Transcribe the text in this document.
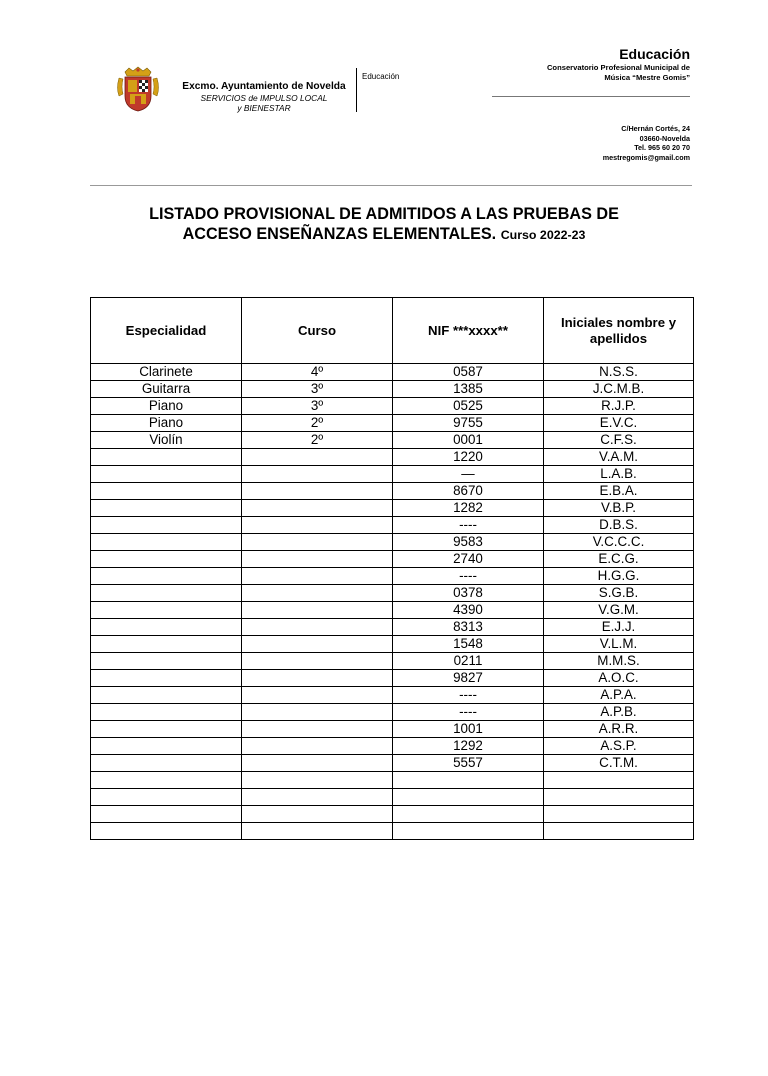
Excmo. Ayuntamiento de Novelda
SERVICIOS de IMPULSO LOCAL
y BIENESTAR
Educación
Educación
Conservatorio Profesional Municipal de
Música “Mestre Gomis”
C/Hernán Cortés, 24
03660-Novelda
Tel. 965 60 20 70
mestregomis@gmail.com
LISTADO PROVISIONAL DE ADMITIDOS A LAS PRUEBAS DE
ACCESO ENSEÑANZAS ELEMENTALES. Curso 2022-23
Especialidad	Curso	NIF ***xxxx**	Iniciales nombre y apellidos
Clarinete	4º	0587	N.S.S.
Guitarra	3º	1385	J.C.M.B.
Piano	3º	0525	R.J.P.
Piano	2º	9755	E.V.C.
Violín	2º	0001	C.F.S.
		1220	V.A.M.
		—	L.A.B.
		8670	E.B.A.
		1282	V.B.P.
		----	D.B.S.
		9583	V.C.C.C.
		2740	E.C.G.
		----	H.G.G.
		0378	S.G.B.
		4390	V.G.M.
		8313	E.J.J.
		1548	V.L.M.
		0211	M.M.S.
		9827	A.O.C.
		----	A.P.A.
		----	A.P.B.
		1001	A.R.R.
		1292	A.S.P.
		5557	C.T.M.
